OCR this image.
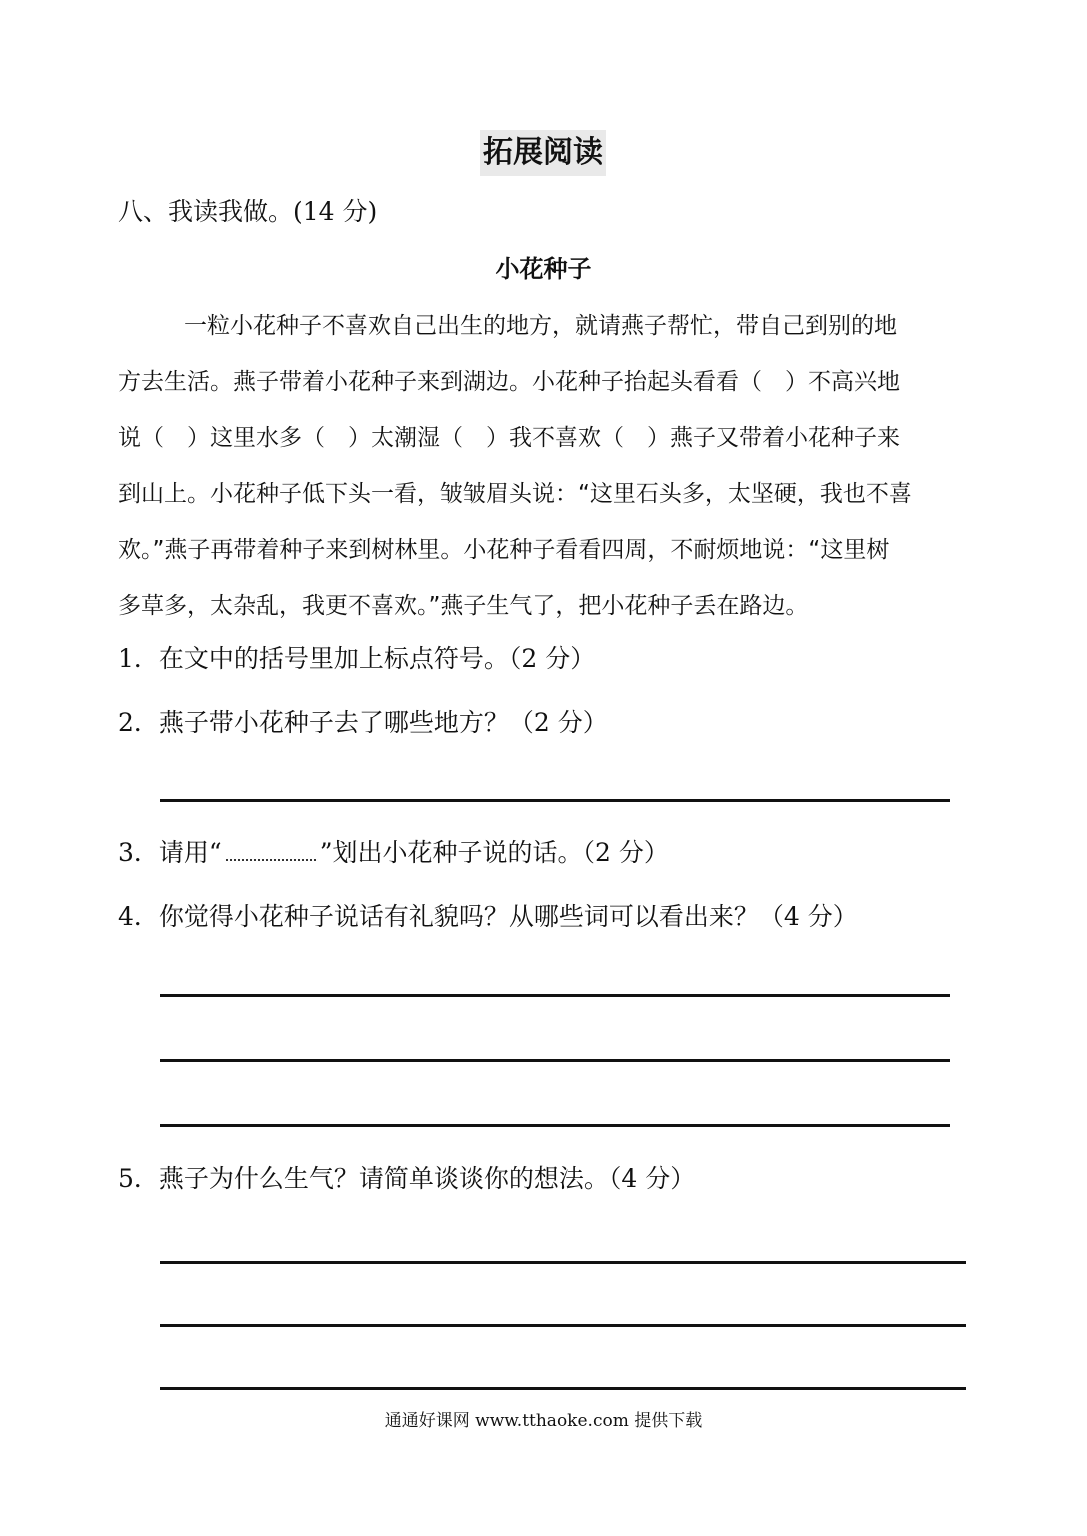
拓展阅读
八、我读我做。(14 分)
小花种子
一粒小花种子不喜欢自己出生的地方，就请燕子帮忙，带自己到别的地
方去生活。燕子带着小花种子来到湖边。小花种子抬起头看看（　）不高兴地
说（　）这里水多（　）太潮湿（　）我不喜欢（　）燕子又带着小花种子来
到山上。小花种子低下头一看，皱皱眉头说：“这里石头多，太坚硬，我也不喜
欢。”燕子再带着种子来到树林里。小花种子看看四周，不耐烦地说：“这里树
多草多，太杂乱，我更不喜欢。”燕子生气了，把小花种子丢在路边。
1．在文中的括号里加上标点符号。（2 分）
2．燕子带小花种子去了哪些地方？（2 分）
3．请用“	”划出小花种子说的话。（2 分）
4．你觉得小花种子说话有礼貌吗？从哪些词可以看出来？（4 分）
5．燕子为什么生气？请简单谈谈你的想法。（4 分）
通通好课网 www.tthaoke.com 提供下载
